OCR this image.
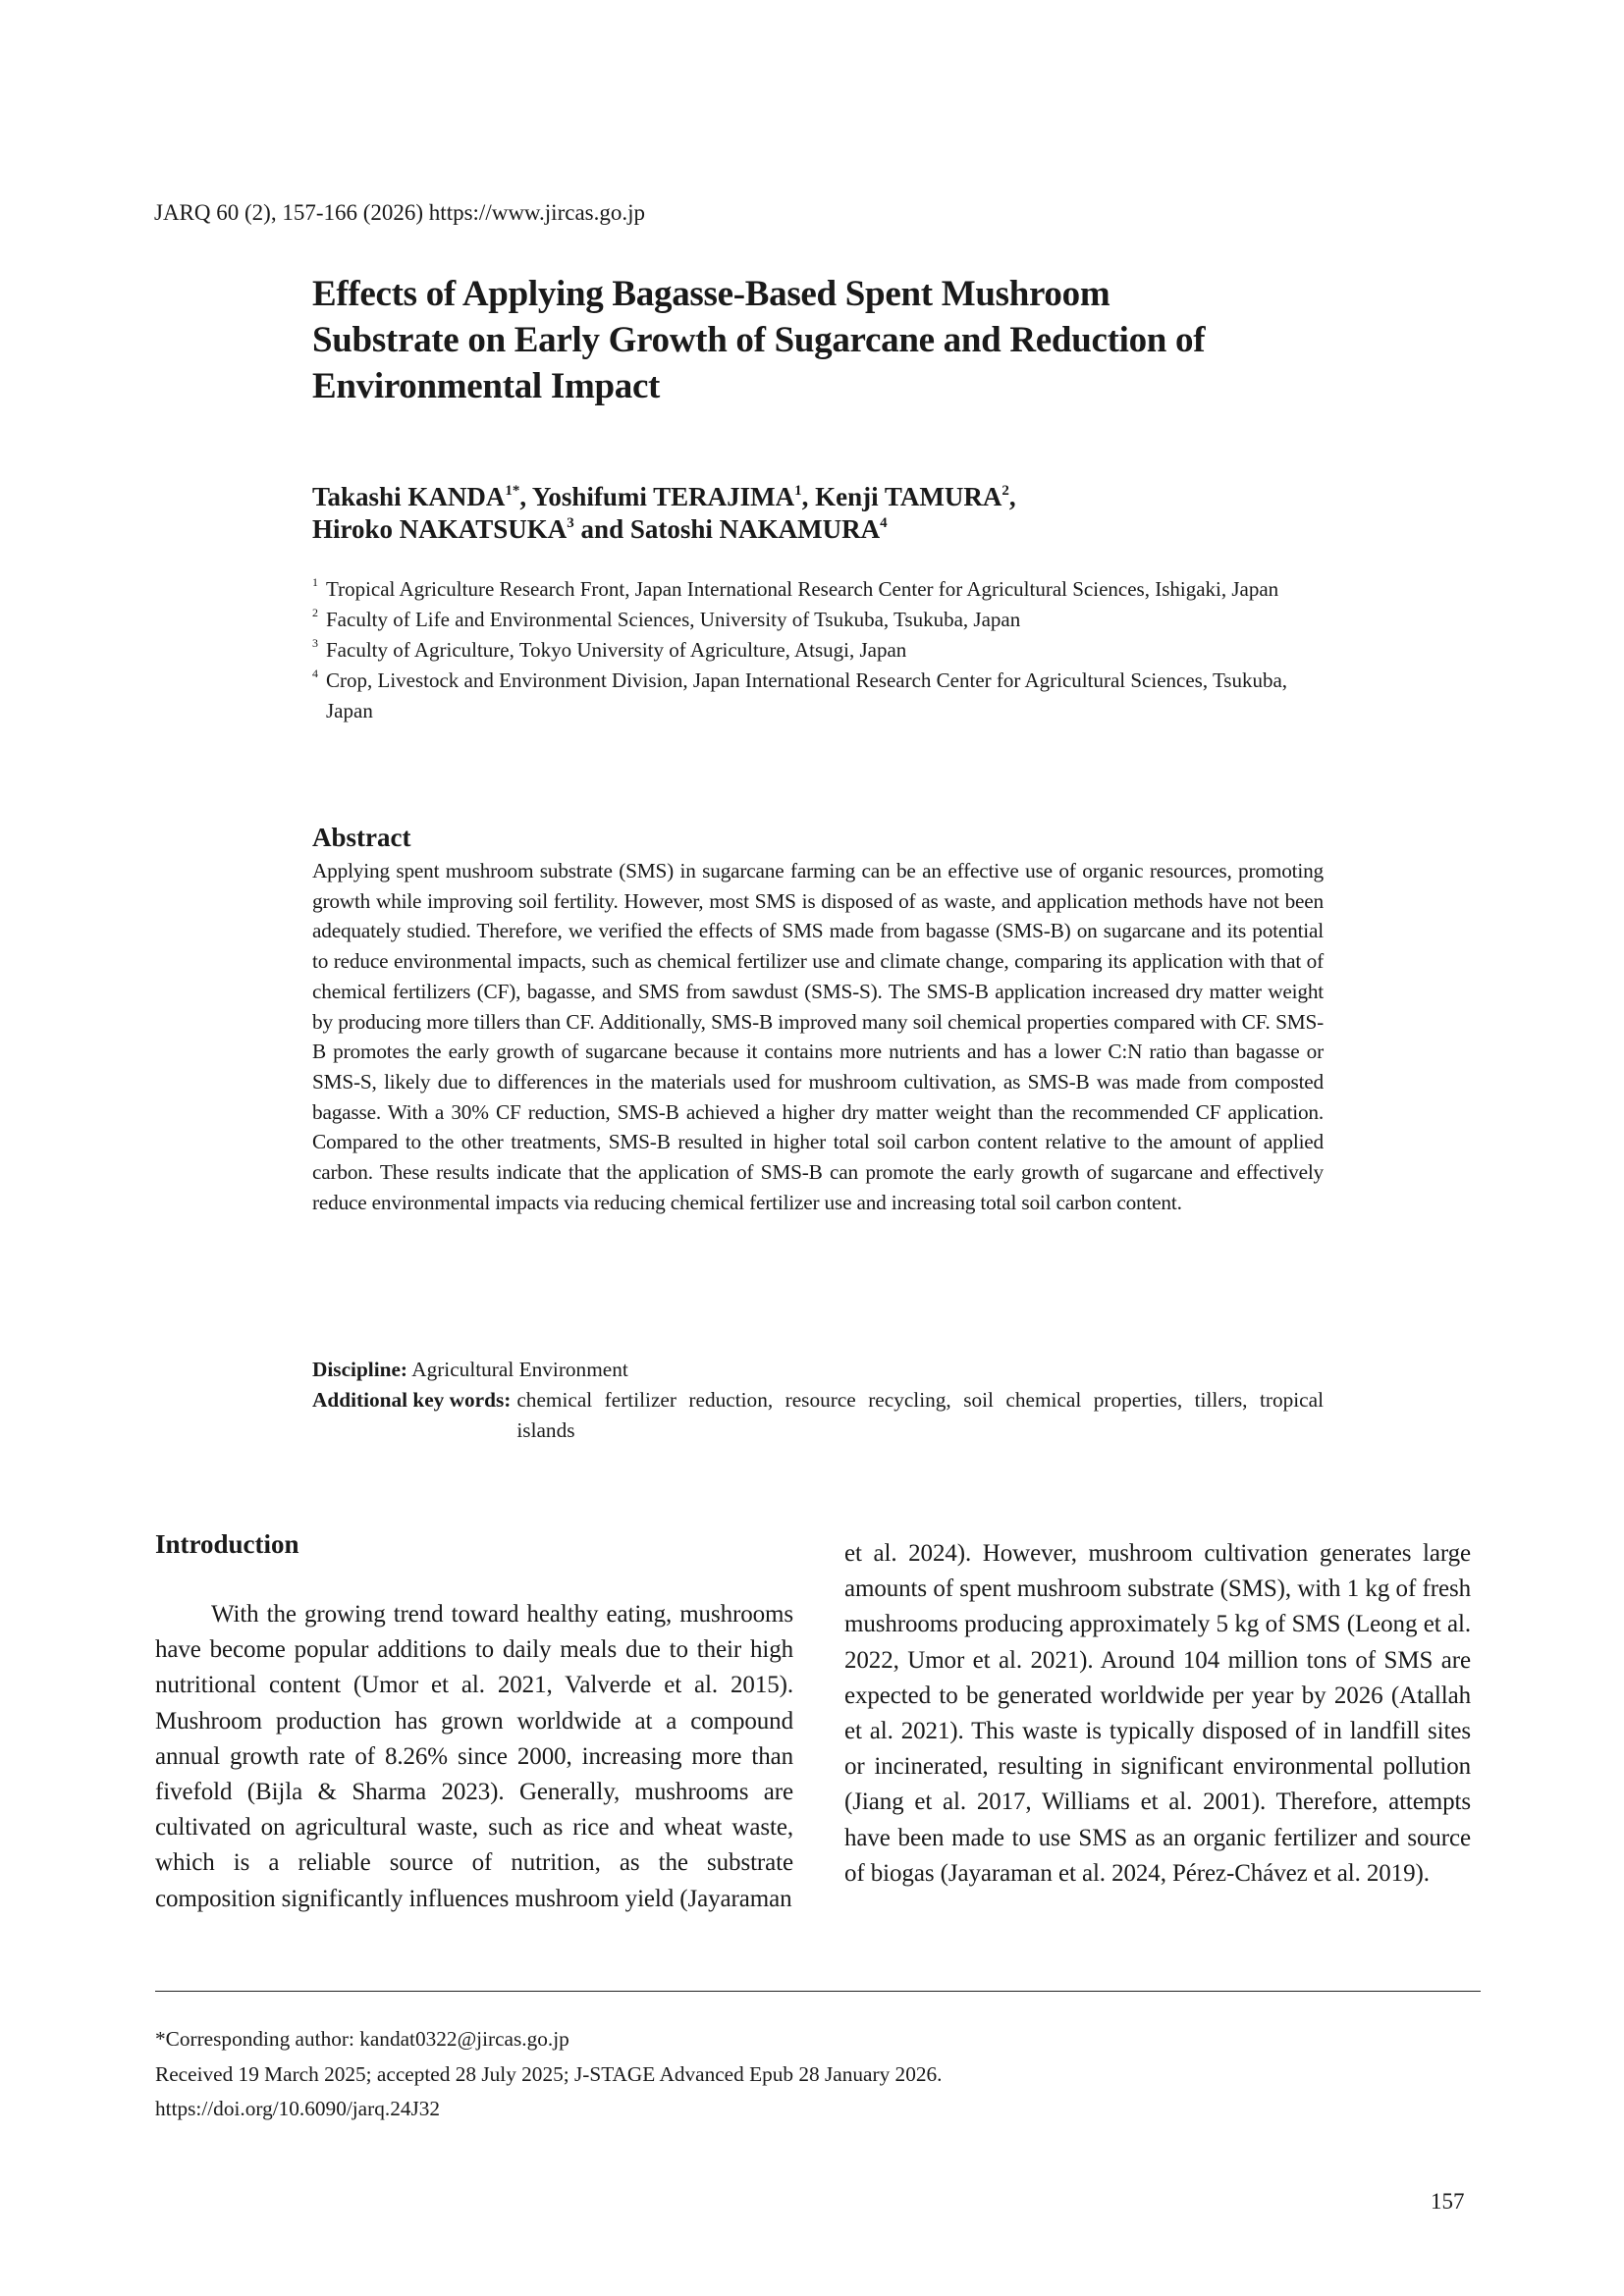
JARQ 60 (2), 157-166 (2026) https://www.jircas.go.jp
Effects of Applying Bagasse-Based Spent Mushroom
Substrate on Early Growth of Sugarcane and Reduction of
Environmental Impact
Takashi $KANDA^{1*}$, Yoshifumi TERAJIMA$^1$, Kenji TAMURA$^2$,
Hiroko NAKATSUKA$^3$ and Satoshi NAKAMURA$^4$
1 Tropical Agriculture Research Front, Japan International Research Center for Agricultural Sciences, Ishigaki, Japan
2 Faculty of Life and Environmental Sciences, University of Tsukuba, Tsukuba, Japan
3 Faculty of Agriculture, Tokyo University of Agriculture, Atsugi, Japan
4 Crop, Livestock and Environment Division, Japan International Research Center for Agricultural Sciences, Tsukuba, Japan
Abstract
Applying spent mushroom substrate (SMS) in sugarcane farming can be an effective use of organic resources, promoting growth while improving soil fertility. However, most SMS is disposed of as waste, and application methods have not been adequately studied. Therefore, we verified the effects of SMS made from bagasse (SMS-B) on sugarcane and its potential to reduce environmental impacts, such as chemical fertilizer use and climate change, comparing its application with that of chemical fertilizers (CF), bagasse, and SMS from sawdust (SMS-S). The SMS-B application increased dry matter weight by producing more tillers than CF. Additionally, SMS-B improved many soil chemical properties compared with CF. SMS-B promotes the early growth of sugarcane because it contains more nutrients and has a lower C:N ratio than bagasse or SMS-S, likely due to differences in the materials used for mushroom cultivation, as SMS-B was made from composted bagasse. With a 30% CF reduction, SMS-B achieved a higher dry matter weight than the recommended CF application. Compared to the other treatments, SMS-B resulted in higher total soil carbon content relative to the amount of applied carbon. These results indicate that the application of SMS-B can promote the early growth of sugarcane and effectively reduce environmental impacts via reducing chemical fertilizer use and increasing total soil carbon content.
Discipline: Agricultural Environment
Additional key words: chemical fertilizer reduction, resource recycling, soil chemical properties, tillers, tropical islands
Introduction

With the growing trend toward healthy eating, mushrooms have become popular additions to daily meals due to their high nutritional content (Umor et al. 2021, Valverde et al. 2015). Mushroom production has grown worldwide at a compound annual growth rate of 8.26% since 2000, increasing more than fivefold (Bijla & Sharma 2023). Generally, mushrooms are cultivated on agricultural waste, such as rice and wheat waste, which is a reliable source of nutrition, as the substrate composition significantly influences mushroom yield (Jayaraman

et al. 2024). However, mushroom cultivation generates large amounts of spent mushroom substrate (SMS), with 1 kg of fresh mushrooms producing approximately 5 kg of SMS (Leong et al. 2022, Umor et al. 2021). Around 104 million tons of SMS are expected to be generated worldwide per year by 2026 (Atallah et al. 2021). This waste is typically disposed of in landfill sites or incinerated, resulting in significant environmental pollution (Jiang et al. 2017, Williams et al. 2001). Therefore, attempts have been made to use SMS as an organic fertilizer and source of biogas (Jayaraman et al. 2024, Pérez-Chávez et al. 2019).

*Corresponding author: kandat0322@jircas.go.jp
Received 19 March 2025; accepted 28 July 2025; J-STAGE Advanced Epub 28 January 2026.
https://doi.org/10.6090/jarq.24J32
157
